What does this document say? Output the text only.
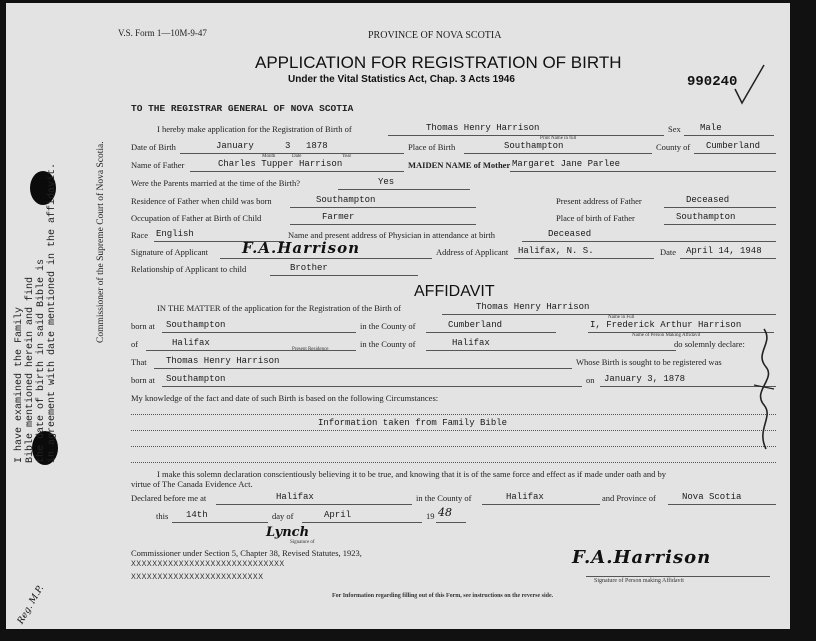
I have examined the Family Bible mentioned herein and find the date of birth in said Bible is in agreement with date mentioned in the affidavit.	Commissioner of the Supreme Court of Nova Scotia.
Reg. M.P.
V.S. Form 1—10M-9-47	PROVINCE OF NOVA SCOTIA
APPLICATION FOR REGISTRATION OF BIRTH
Under the Vital Statistics Act, Chap. 3 Acts 1946	990240
TO THE REGISTRAR GENERAL OF NOVA SCOTIA
I hereby make application for the Registration of Birth of	Thomas Henry Harrison
Print Name in full
Sex Male
Date of Birth	January	3 1878
Month	Date	Year
Place of Birth	Southampton	County of Cumberland
Name of Father	Charles Tupper Harrison	MAIDEN NAME of Mother Margaret Jane Parlee
Were the Parents married at the time of the Birth?	Yes
Residence of Father when child was born	Southampton	Present address of Father	Deceased
Occupation of Father at Birth of Child	Farmer	Place of birth of Father	Southampton
Race English	Name and present address of Physician in attendance at birth	Deceased
Signature of Applicant F.A.Harrison	Address of Applicant Halifax, N. S.	Date April 14, 1948
Relationship of Applicant to child	Brother
AFFIDAVIT
IN THE MATTER of the application for the Registration of the Birth of	Thomas Henry Harrison
Name in Full
born at Southampton	in the County of	Cumberland	I, Frederick Arthur Harrison
Name of Person Making Affidavit
of	Halifax	in the County of	Halifax	do solemnly declare:
That Thomas Henry Harrison
Present Residence
Whose Birth is sought to be registered was
born at Southampton	on January 3, 1878
My knowledge of the fact and date of such Birth is based on the following Circumstances:
Information taken from Family Bible
I make this solemn declaration conscientiously believing it to be true, and knowing that it is of the same force and effect as if made under oath and by
virtue of The Canada Evidence Act.
Declared before me at	Halifax	in the County of	Halifax	and Province of	Nova Scotia
this 14th	day of	April	19 48
Lynch
Signature of
Commissioner under Section 5, Chapter 38, Revised Statutes, 1923,
XXXXXXXXXXXXXXXXXXXXXXXXXXXXX
XXXXXXXXXXXXXXXXXXXXXXXXX
F.A.Harrison
Signature of Person making Affidavit
For Information regarding filling out of this Form, see instructions on the reverse side.
